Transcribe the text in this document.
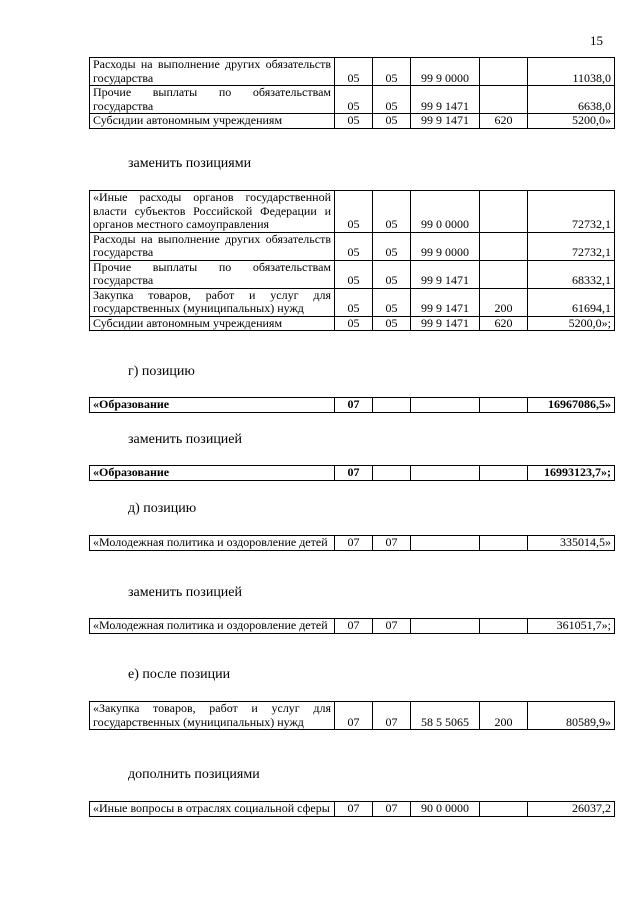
15
Расходы на выполнение других обязательств государства	05	05	99 9 0000		11038,0
Прочие выплаты по обязательствам государства	05	05	99 9 1471		6638,0
Субсидии автономным учреждениям	05	05	99 9 1471	620	5200,0»
заменить позициями
«Иные расходы органов государственной власти субъектов Российской Федерации и органов местного самоуправления	05	05	99 0 0000		72732,1
Расходы на выполнение других обязательств государства	05	05	99 9 0000		72732,1
Прочие выплаты по обязательствам государства	05	05	99 9 1471		68332,1
Закупка товаров, работ и услуг для государственных (муниципальных) нужд	05	05	99 9 1471	200	61694,1
Субсидии автономным учреждениям	05	05	99 9 1471	620	5200,0»;
г) позицию
«Образование	07				16967086,5»
заменить позицией
«Образование	07				16993123,7»;
д) позицию
«Молодежная политика и оздоровление детей	07	07			335014,5»
заменить позицией
«Молодежная политика и оздоровление детей	07	07			361051,7»;
е) после позиции
«Закупка товаров, работ и услуг для государственных (муниципальных) нужд	07	07	58 5 5065	200	80589,9»
дополнить позициями
«Иные вопросы в отраслях социальной сферы	07	07	90 0 0000		26037,2
